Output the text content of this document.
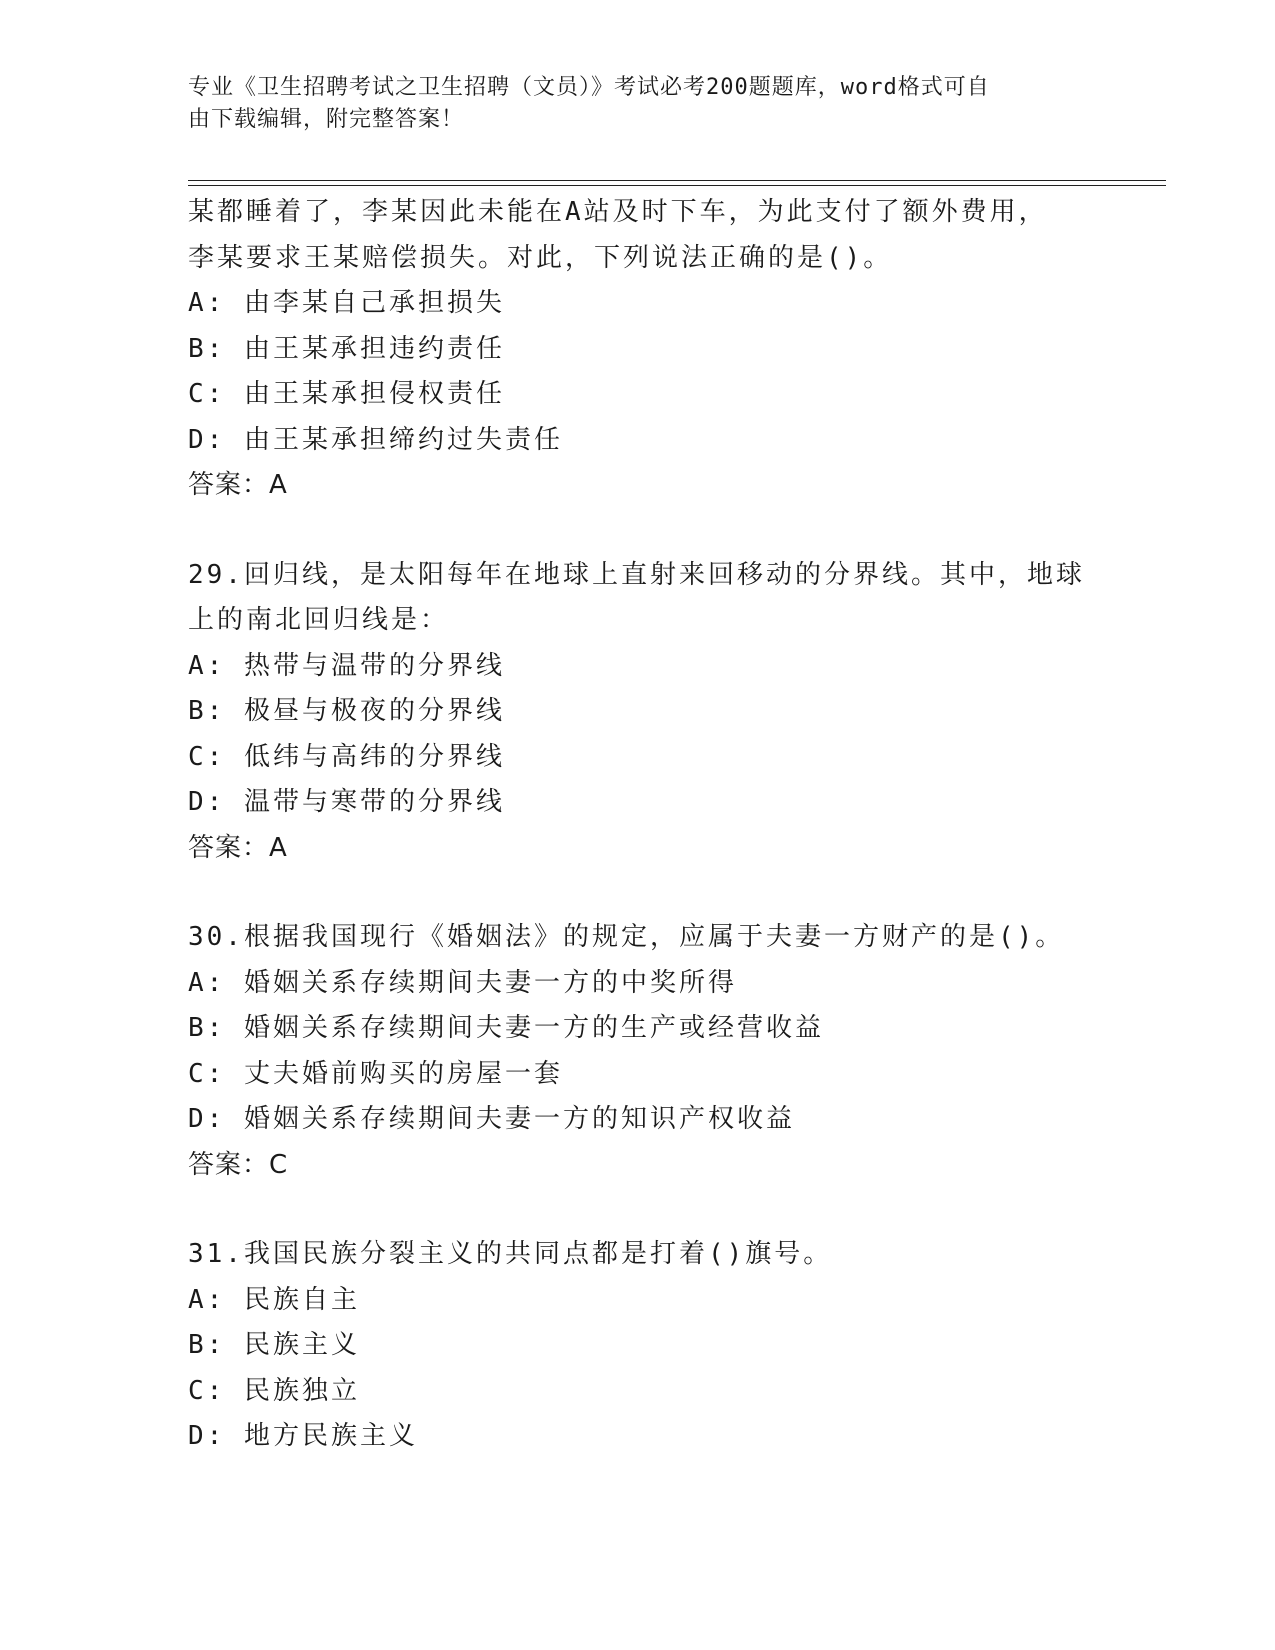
专业《卫生招聘考试之卫生招聘（文员）》考试必考200题题库，word格式可自
由下载编辑，附完整答案！
某都睡着了，李某因此未能在A站及时下车，为此支付了额外费用，
李某要求王某赔偿损失。对此，下列说法正确的是()。
A: 由李某自己承担损失
B: 由王某承担违约责任
C: 由王某承担侵权责任
D: 由王某承担缔约过失责任
答案：A
29.回归线，是太阳每年在地球上直射来回移动的分界线。其中，地球
上的南北回归线是：
A: 热带与温带的分界线
B: 极昼与极夜的分界线
C: 低纬与高纬的分界线
D: 温带与寒带的分界线
答案：A
30.根据我国现行《婚姻法》的规定，应属于夫妻一方财产的是()。
A: 婚姻关系存续期间夫妻一方的中奖所得
B: 婚姻关系存续期间夫妻一方的生产或经营收益
C: 丈夫婚前购买的房屋一套
D: 婚姻关系存续期间夫妻一方的知识产权收益
答案：C
31.我国民族分裂主义的共同点都是打着()旗号。
A: 民族自主
B: 民族主义
C: 民族独立
D: 地方民族主义
